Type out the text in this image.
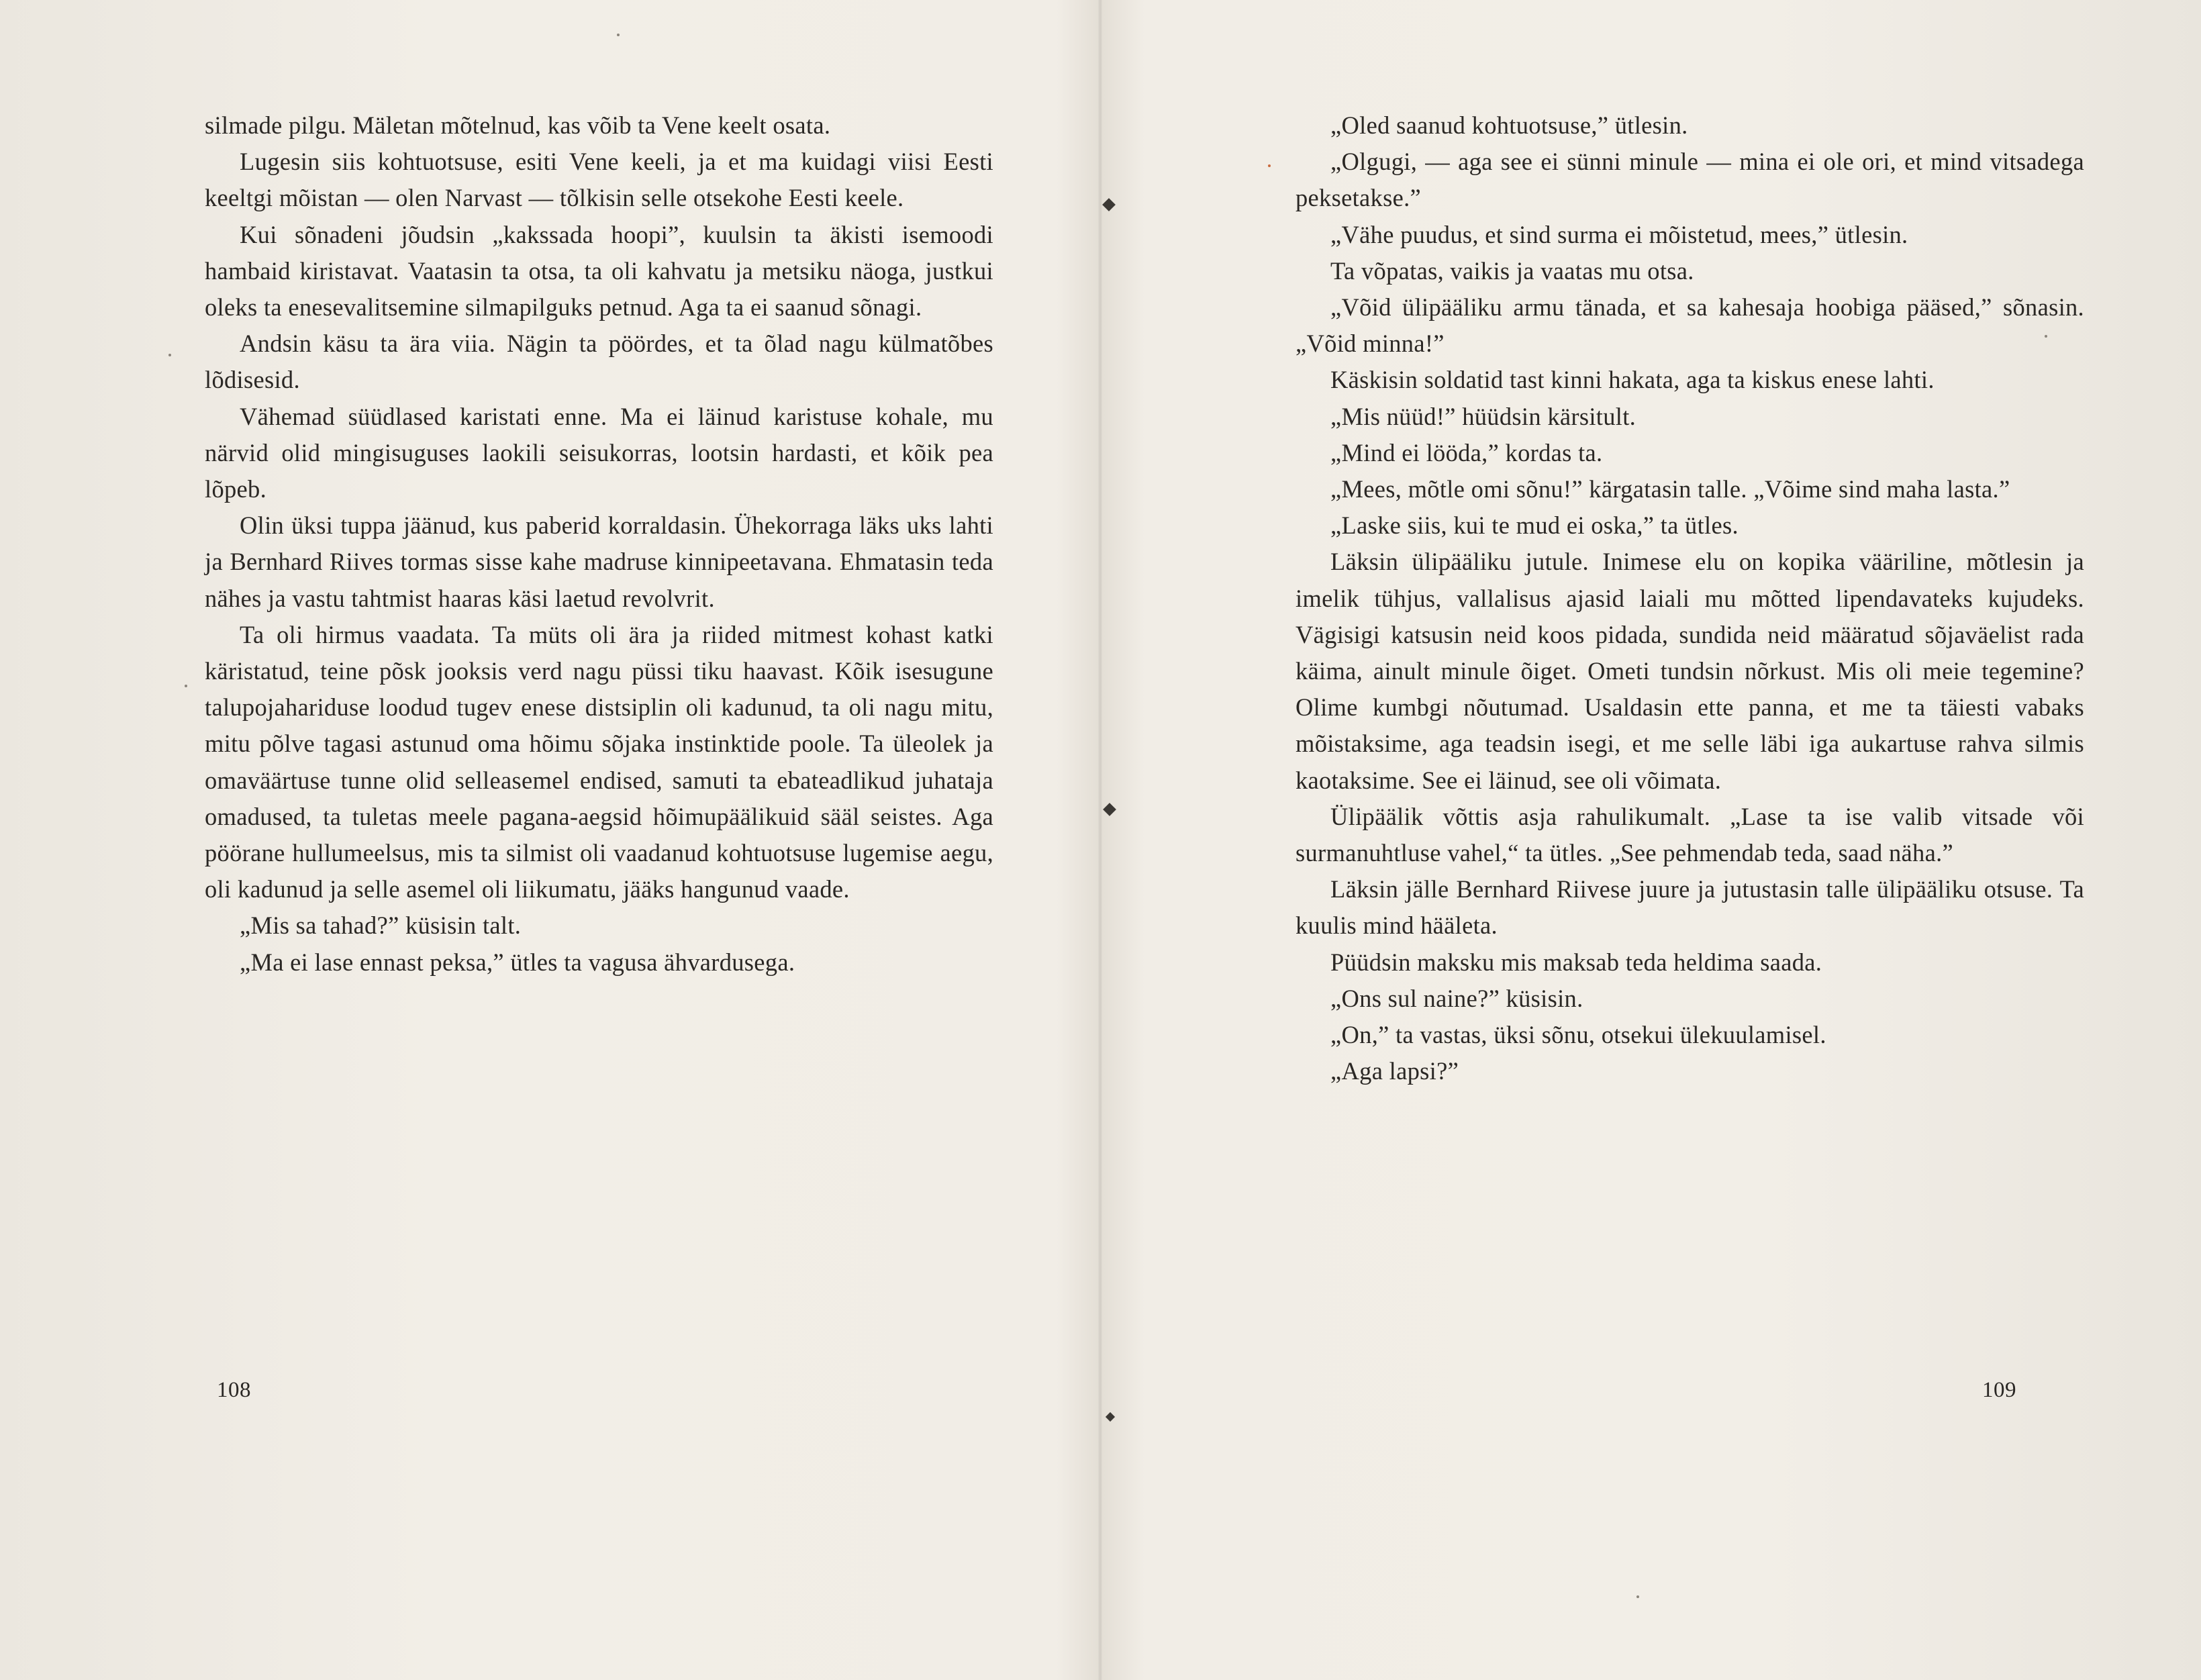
silmade pilgu. Mäletan mõtelnud, kas võib ta Vene keelt osata.

Lugesin siis kohtuotsuse, esiti Vene keeli, ja et ma kuidagi viisi Eesti keeltgi mõistan — olen Narvast — tõlkisin selle otsekohe Eesti keele.

Kui sõnadeni jõudsin „kakssada hoopi”, kuulsin ta äkisti isemoodi hambaid kiristavat. Vaatasin ta otsa, ta oli kahvatu ja metsiku näoga, justkui oleks ta enesevalitsemine silmapilguks petnud. Aga ta ei saanud sõnagi.

Andsin käsu ta ära viia. Nägin ta pöördes, et ta õlad nagu külmatõbes lõdisesid.

Vähemad süüdlased karistati enne. Ma ei läinud karistuse kohale, mu närvid olid mingisuguses laokili seisukorras, lootsin hardasti, et kõik pea lõpeb.

Olin üksi tuppa jäänud, kus paberid korraldasin. Ühekorraga läks uks lahti ja Bernhard Riives tormas sisse kahe madruse kinnipeetavana. Ehmatasin teda nähes ja vastu tahtmist haaras käsi laetud revolvrit.

Ta oli hirmus vaadata. Ta müts oli ära ja riided mitmest kohast katki käristatud, teine põsk jooksis verd nagu püssi tiku haavast. Kõik isesugune talupojahariduse loodud tugev enese distsiplin oli kadunud, ta oli nagu mitu, mitu põlve tagasi astunud oma hõimu sõjaka instinktide poole. Ta üleolek ja omaväärtuse tunne olid selleasemel endised, samuti ta ebateadlikud juhataja omadused, ta tuletas meele pagana-aegsid hõimupäälikuid sääl seistes. Aga pöörane hullumeelsus, mis ta silmist oli vaadanud kohtuotsuse lugemise aegu, oli kadunud ja selle asemel oli liikumatu, jääks hangunud vaade.

„Mis sa tahad?” küsisin talt.

„Ma ei lase ennast peksa,” ütles ta vagusa ähvardusega.

108

„Oled saanud kohtuotsuse,” ütlesin.

„Olgugi, — aga see ei sünni minule — mina ei ole ori, et mind vitsadega peksetakse.”

„Vähe puudus, et sind surma ei mõistetud, mees,” ütlesin.

Ta võpatas, vaikis ja vaatas mu otsa.

„Võid ülipääliku armu tänada, et sa kahesaja hoobiga pääsed,” sõnasin. „Võid minna!”

Käskisin soldatid tast kinni hakata, aga ta kiskus enese lahti.

„Mis nüüd!” hüüdsin kärsitult.

„Mind ei lööda,” kordas ta.

„Mees, mõtle omi sõnu!” kärgatasin talle. „Võime sind maha lasta.”

„Laske siis, kui te mud ei oska,” ta ütles.

Läksin ülipääliku jutule. Inimese elu on kopika vääriline, mõtlesin ja imelik tühjus, vallalisus ajasid laiali mu mõtted lipendavateks kujudeks. Vägisigi katsusin neid koos pidada, sundida neid määratud sõjaväelist rada käima, ainult minule õiget. Ometi tundsin nõrkust. Mis oli meie tegemine? Olime kumbgi nõutumad. Usaldasin ette panna, et me ta täiesti vabaks mõistaksime, aga teadsin isegi, et me selle läbi iga aukartuse rahva silmis kaotaksime. See ei läinud, see oli võimata.

Ülipäälik võttis asja rahulikumalt. „Lase ta ise valib vitsade või surmanuhtluse vahel,“ ta ütles. „See pehmendab teda, saad näha.”

Läksin jälle Bernhard Riivese juure ja jutustasin talle ülipääliku otsuse. Ta kuulis mind hääleta.

Püüdsin maksku mis maksab teda heldima saada.

„Ons sul naine?” küsisin.

„On,” ta vastas, üksi sõnu, otsekui ülekuulamisel.

„Aga lapsi?”

109
